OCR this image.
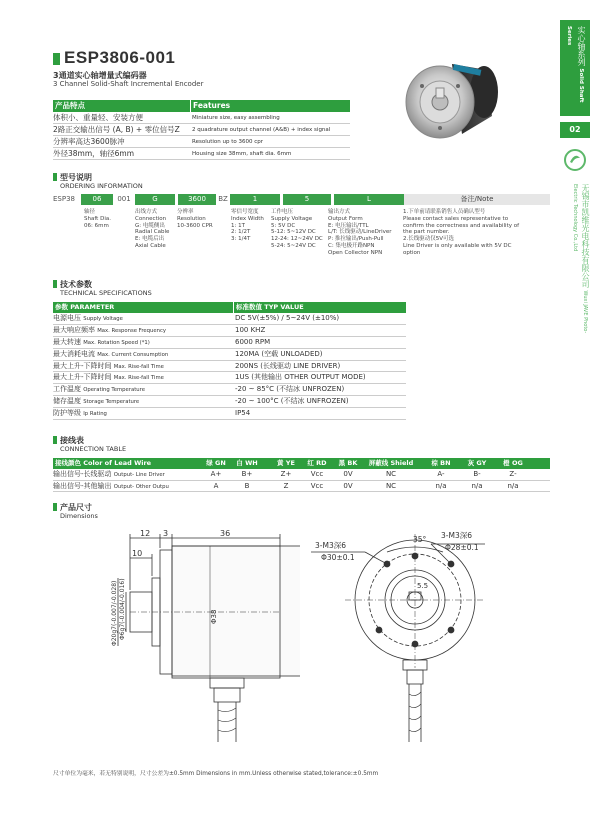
ESP3806-001
3通道实心轴增量式编码器
3 Channel Solid-Shaft Incremental Encoder
实心轴系列 Solid Shaft Series
02
无锡市凯维光电科技有限公司 Wuxi JAVE Photo-Electric Technology Co.,Ltd
产品特点	Features
体积小、重量轻、安装方便	Miniature size, easy assembling
2路正交输出信号 (A, B) + 零位信号Z	2 quadrature output channel (A&B) + index signal
分辨率高达3600脉冲	Resolution up to 3600 cpr
外径38mm，轴径6mm	Housing size 38mm, shaft dia. 6mm
型号说明
ORDERING INFORMATION
ESP38	06	001	G	3600	BZ	1	5	L	备注/Note
轴径
Shaft Dia.
06: 6mm
出线方式
Connection
G: 电缆侧出
Radial Cable
E: 电缆后出
Axial Cable
分辨率
Resolution
10-3600 CPR
零信号宽度
Index Width
1: 1T
2: 1/2T
3: 1/4T
工作电压
Supply Voltage
5: 5V DC
5-12: 5~12V DC
12-24: 12~24V DC
5-24: 5~24V DC
输出方式
Output Form
E: 电压输出/TTL
L/T: 长线驱动/LineDriver
P: 推拉输出/Push-Pull
C: 集电极开路NPN
Open Collector NPN
1.下单前请联系销售人员确认型号
Please contact sales representative to
confirm the correctness and availability of
the part number.
2.长线驱动仅5V可选
Line Driver is only available with 5V DC
option
技术参数
TECHNICAL SPECIFICATIONS
参数 PARAMETER	标准数值 TYP VALUE
电源电压 Supply Voltage	DC 5V(±5%) / 5~24V (±10%)
最大响应频率 Max. Response Frequency	100 KHZ
最大转速 Max. Rotation Speed (*1)	6000 RPM
最大消耗电流 Max. Current Consumption	120MA (空载 UNLOADED)
最大上升-下降时间 Max. Rise-fall Time	200NS (长线驱动 LINE DRIVER)
最大上升-下降时间 Max. Rise-fall Time	1US (其他输出 OTHER OUTPUT MODE)
工作温度 Operating Temperature	-20 ~ 85°C (不结冰 UNFROZEN)
储存温度 Storage Temperature	-20 ~ 100°C (不结冰 UNFROZEN)
防护等级 Ip Rating	IP54
接线表
CONNECTION TABLE
接线颜色 Color of Lead Wire	绿 GN	白 WH	黄 YE	红 RD	黑 BK	屏蔽线 Shield	棕 BN	灰 GY	橙 OG
输出信号-长线驱动 Output- Line Driver	A+	B+	Z+	Vcc	0V	NC	A-	B-	Z-
输出信号-其他输出 Output- Other Outpu	A	B	Z	Vcc	0V	NC	n/a	n/a	n/a
产品尺寸
Dimensions
12 3	36
10
Φ38
Φ20g7(-0.007/-0.028) Φ6g7(-0.004/-0.016)
3-M3深6
Φ30±0.1
35° 3-M3深6
Φ28±0.1
5.5
尺寸单位为毫米，若无特别说明，尺寸公差为±0.5mm Dimensions in mm.Unless otherwise stated,tolerance:±0.5mm
